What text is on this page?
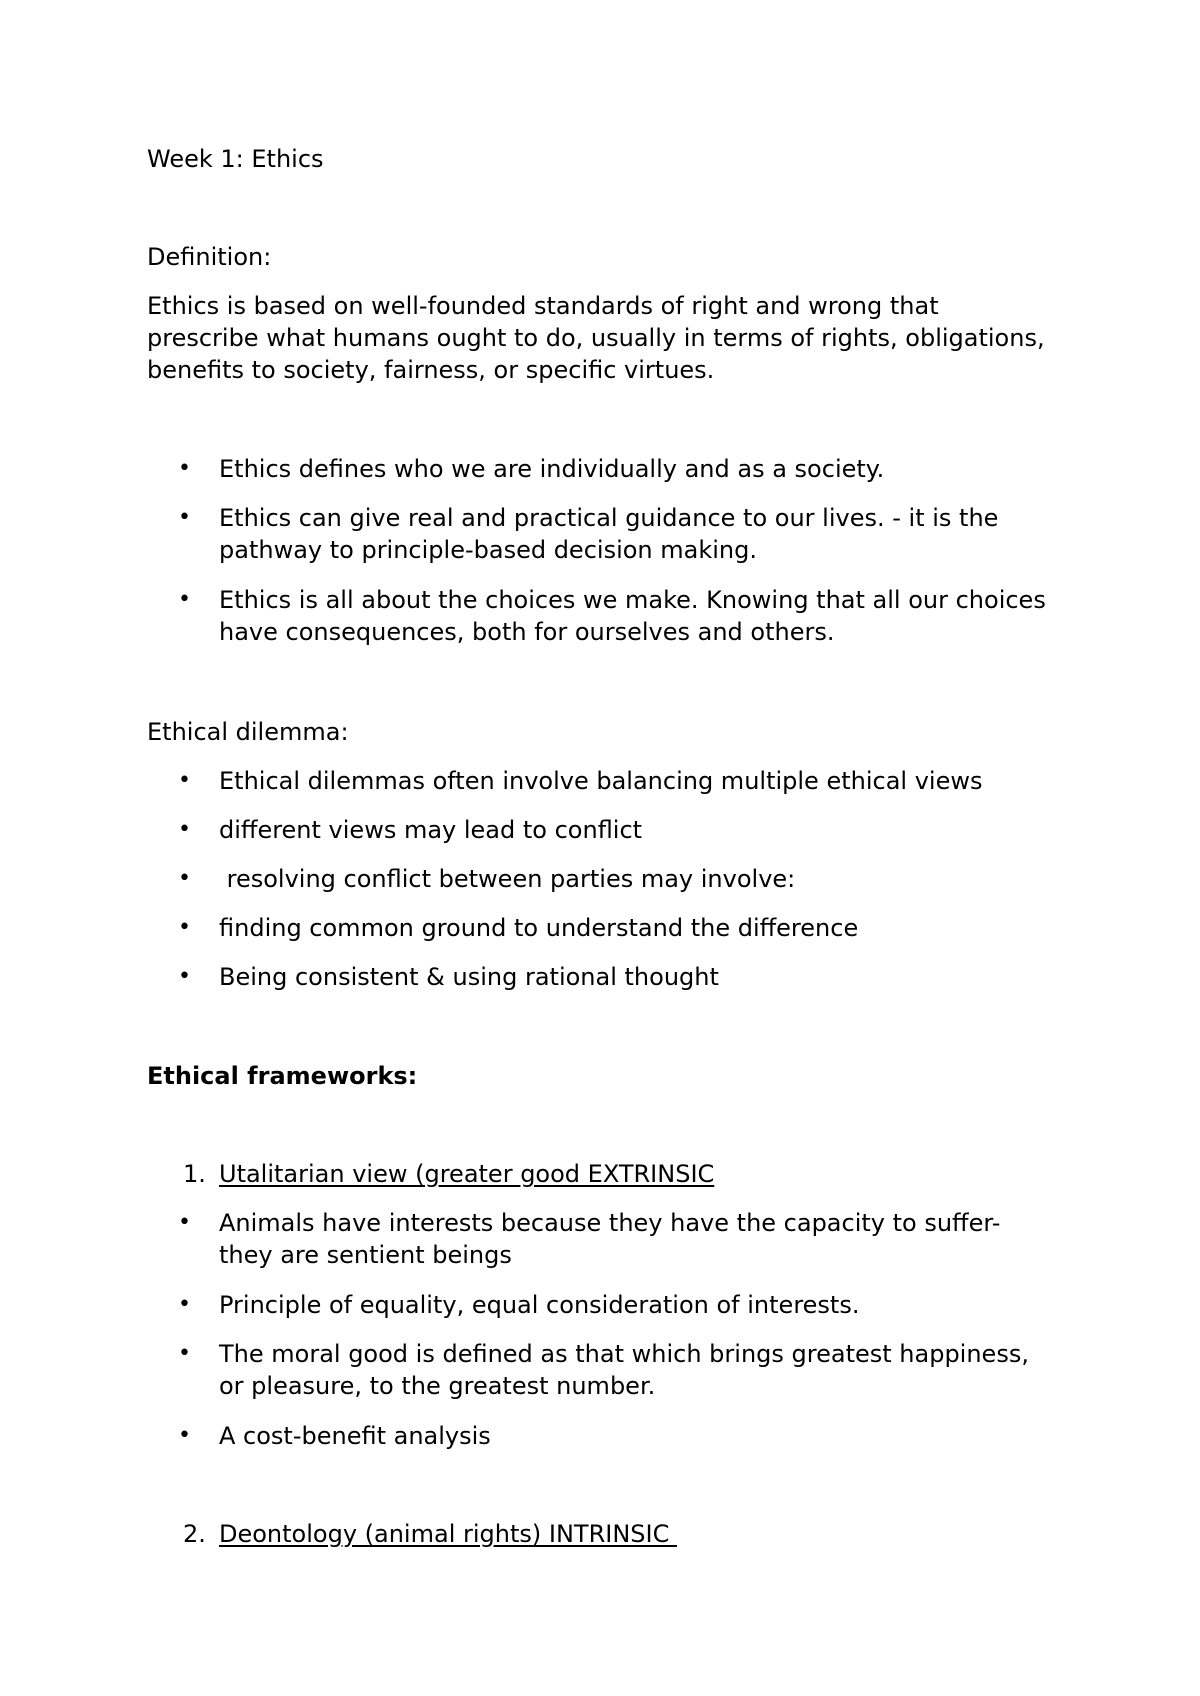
Week 1: Ethics
Definition:
Ethics is based on well-founded standards of right and wrong that
prescribe what humans ought to do, usually in terms of rights, obligations,
benefits to society, fairness, or specific virtues.
• Ethics defines who we are individually and as a society.
• Ethics can give real and practical guidance to our lives. - it is the
pathway to principle-based decision making.
• Ethics is all about the choices we make. Knowing that all our choices
have consequences, both for ourselves and others.
Ethical dilemma:
• Ethical dilemmas often involve balancing multiple ethical views
• different views may lead to conflict
• resolving conflict between parties may involve:
• finding common ground to understand the difference
• Being consistent & using rational thought
Ethical frameworks:
1. Utalitarian view (greater good EXTRINSIC
• Animals have interests because they have the capacity to suffer-
they are sentient beings
• Principle of equality, equal consideration of interests.
• The moral good is defined as that which brings greatest happiness,
or pleasure, to the greatest number.
• A cost-benefit analysis
2. Deontology (animal rights) INTRINSIC
